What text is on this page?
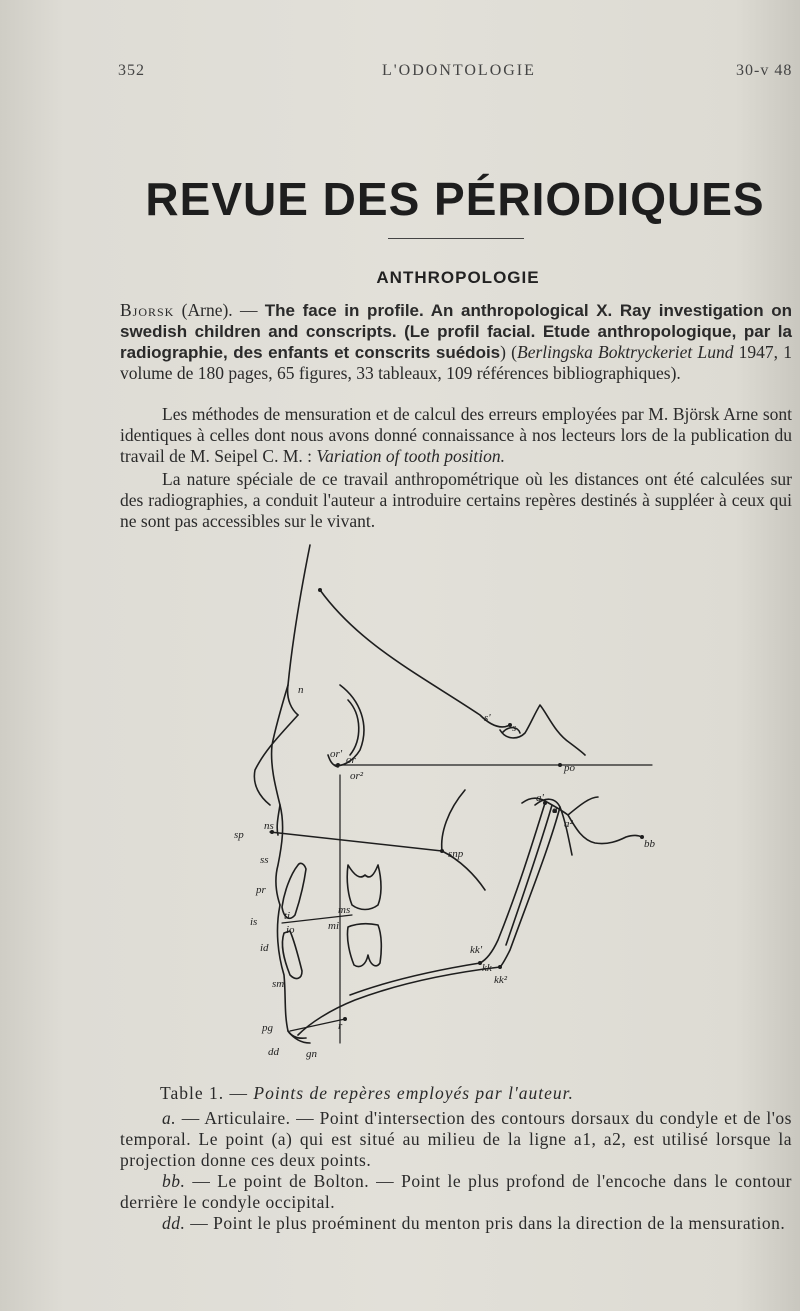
352	L'ODONTOLOGIE	30-v 48
REVUE DES PÉRIODIQUES
ANTHROPOLOGIE
Bjorsk (Arne). — The face in profile. An anthropological X. Ray investigation on swedish children and conscripts. (Le profil facial. Etude anthropologique, par la radiographie, des enfants et conscrits suédois) (Berlingska Boktryckeriet Lund 1947, 1 volume de 180 pages, 65 figures, 33 tableaux, 109 références bibliographiques).
Les méthodes de mensuration et de calcul des erreurs employées par M. Björsk Arne sont identiques à celles dont nous avons donné connaissance à nos lecteurs lors de la publication du travail de M. Seipel C. M. : Variation of tooth position.
La nature spéciale de ce travail anthropométrique où les distances ont été calculées sur des radiographies, a conduit l'auteur a introduire certains repères destinés à suppléer à ceux qui ne sont pas accessibles sur le vivant.
n
s'
s
or' or
or²
po
a'
a
a²
sp
ns
bb
snp
ss
pr
is ti
io
ms
mi
id	kk'
kk
kk²
sm
pg	r
dd gn
Table 1. — Points de repères employés par l'auteur.
a. — Articulaire. — Point d'intersection des contours dorsaux du condyle et de l'os temporal. Le point (a) qui est situé au milieu de la ligne a1, a2, est utilisé lorsque la projection donne ces deux points.
bb. — Le point de Bolton. — Point le plus profond de l'encoche dans le contour derrière le condyle occipital.
dd. — Point le plus proéminent du menton pris dans la direction de la mensuration.
